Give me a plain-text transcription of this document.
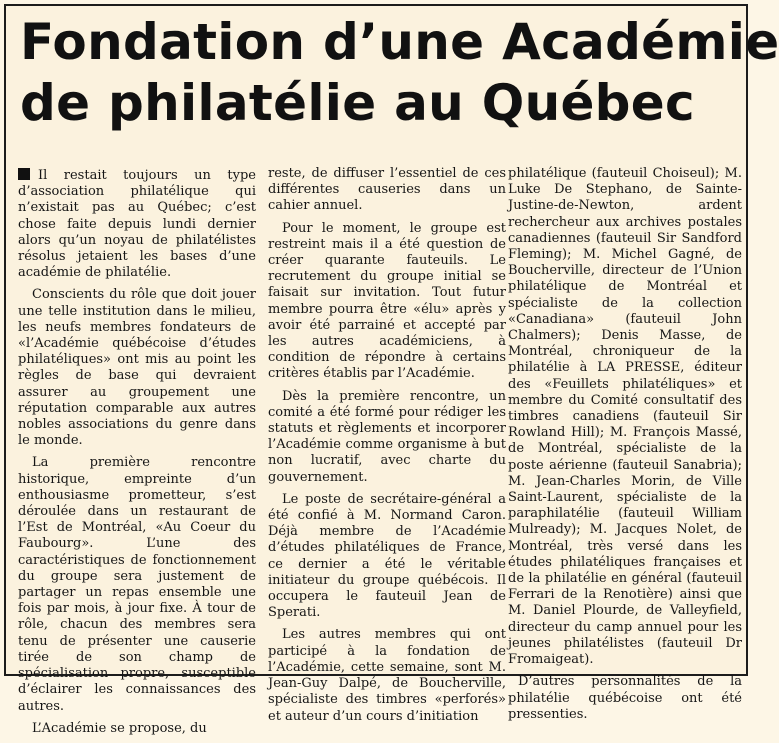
Fondation d’une Académie
de philatélie au Québec

Il restait toujours un type d’association philatélique qui n’existait pas au Québec; c’est chose faite depuis lundi dernier alors qu’un noyau de philatélistes résolus jetaient les bases d’une académie de philatélie.

Conscients du rôle que doit jouer une telle institution dans le milieu, les neufs membres fondateurs de «l’Académie québécoise d’études philatéliques» ont mis au point les règles de base qui devraient assurer au groupement une réputation comparable aux autres nobles associations du genre dans le monde.

La première rencontre historique, empreinte d’un enthousiasme prometteur, s’est déroulée dans un restaurant de l’Est de Montréal, «Au Coeur du Faubourg». L’une des caractéristiques de fonctionnement du groupe sera justement de partager un repas ensemble une fois par mois, à jour fixe. À tour de rôle, chacun des membres sera tenu de présenter une causerie tirée de son champ de spécialisation propre, susceptible d’éclairer les connaissances des autres.

L’Académie se propose, du

reste, de diffuser l’essentiel de ces différentes causeries dans un cahier annuel.

Pour le moment, le groupe est restreint mais il a été question de créer quarante fauteuils. Le recrutement du groupe initial se faisait sur invitation. Tout futur membre pourra être «élu» après y avoir été parrainé et accepté par les autres académiciens, à condition de répondre à certains critères établis par l’Académie.

Dès la première rencontre, un comité a été formé pour rédiger les statuts et règlements et incorporer l’Académie comme organisme à but non lucratif, avec charte du gouvernement.

Le poste de secrétaire-général a été confié à M. Normand Caron. Déjà membre de l’Académie d’études philatéliques de France, ce dernier a été le véritable initiateur du groupe québécois. Il occupera le fauteuil Jean de Sperati.

Les autres membres qui ont participé à la fondation de l’Académie, cette semaine, sont M. Jean-Guy Dalpé, de Boucherville, spécialiste des timbres «perforés» et auteur d’un cours d’initiation

philatélique (fauteuil Choiseul); M. Luke De Stephano, de Sainte-Justine-de-Newton, ardent rechercheur aux archives postales canadiennes (fauteuil Sir Sandford Fleming); M. Michel Gagné, de Boucherville, directeur de l’Union philatélique de Montréal et spécialiste de la collection «Canadiana» (fauteuil John Chalmers); Denis Masse, de Montréal, chroniqueur de la philatélie à LA PRESSE, éditeur des «Feuillets philatéliques» et membre du Comité consultatif des timbres canadiens (fauteuil Sir Rowland Hill); M. François Massé, de Montréal, spécialiste de la poste aérienne (fauteuil Sanabria); M. Jean-Charles Morin, de Ville Saint-Laurent, spécialiste de la paraphilatélie (fauteuil William Mulready); M. Jacques Nolet, de Montréal, très versé dans les études philatéliques françaises et de la philatélie en général (fauteuil Ferrari de la Renotière) ainsi que M. Daniel Plourde, de Valleyfield, directeur du camp annuel pour les jeunes philatélistes (fauteuil Dr Fromaigeat).

D’autres personnalités de la philatélie québécoise ont été pressenties.
